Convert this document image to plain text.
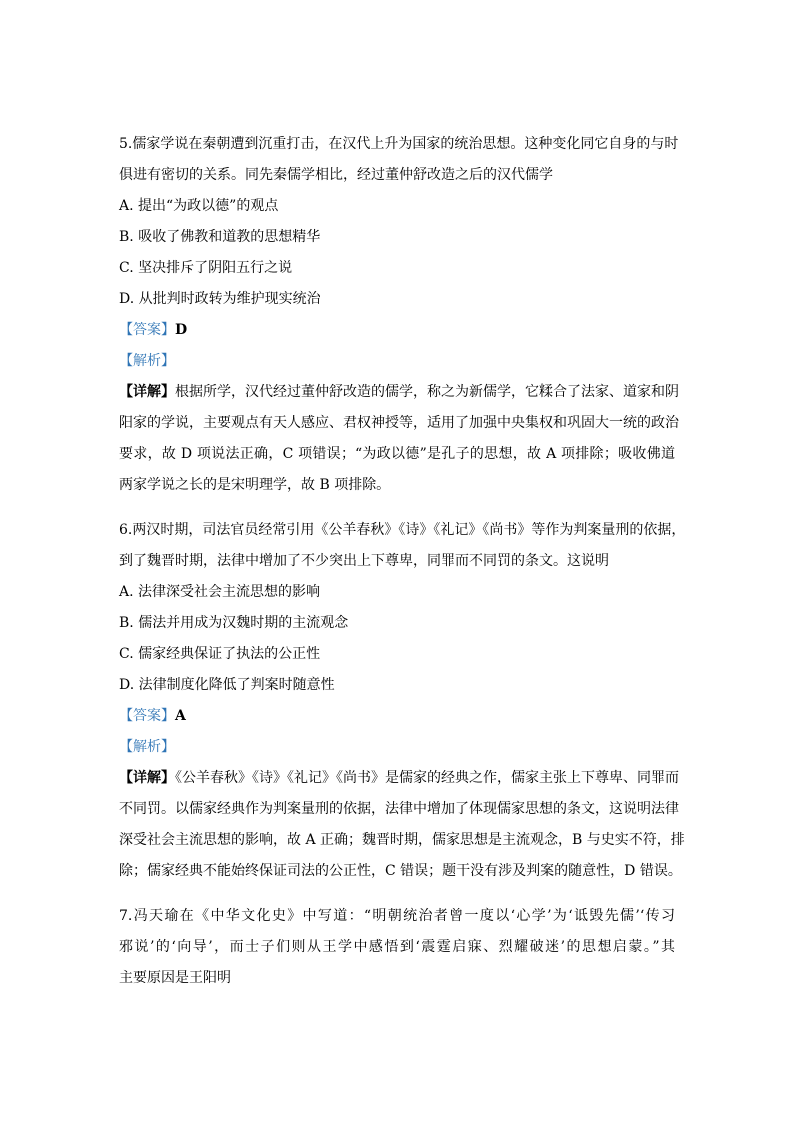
5.儒家学说在秦朝遭到沉重打击，在汉代上升为国家的统治思想。这种变化同它自身的与时
俱进有密切的关系。同先秦儒学相比，经过董仲舒改造之后的汉代儒学
A. 提出“为政以德”的观点
B. 吸收了佛教和道教的思想精华
C. 坚决排斥了阴阳五行之说
D. 从批判时政转为维护现实统治
【答案】D
【解析】
【详解】根据所学，汉代经过董仲舒改造的儒学，称之为新儒学，它糅合了法家、道家和阴
阳家的学说，主要观点有天人感应、君权神授等，适用了加强中央集权和巩固大一统的政治
要求，故 D 项说法正确，C 项错误；“为政以德”是孔子的思想，故 A 项排除；吸收佛道
两家学说之长的是宋明理学，故 B 项排除。
6.两汉时期，司法官员经常引用《公羊春秋》《诗》《礼记》《尚书》等作为判案量刑的依据，
到了魏晋时期，法律中增加了不少突出上下尊卑，同罪而不同罚的条文。这说明
A. 法律深受社会主流思想的影响
B. 儒法并用成为汉魏时期的主流观念
C. 儒家经典保证了执法的公正性
D. 法律制度化降低了判案时随意性
【答案】A
【解析】
【详解】《公羊春秋》《诗》《礼记》《尚书》是儒家的经典之作，儒家主张上下尊卑、同罪而
不同罚。以儒家经典作为判案量刑的依据，法律中增加了体现儒家思想的条文，这说明法律
深受社会主流思想的影响，故 A 正确；魏晋时期，儒家思想是主流观念，B 与史实不符，排
除；儒家经典不能始终保证司法的公正性，C 错误；题干没有涉及判案的随意性，D 错误。
7.冯天瑜在《中华文化史》中写道：“明朝统治者曾一度以‘心学’为‘诋毁先儒’‘传习
邪说’的‘向导’，而士子们则从王学中感悟到‘震霆启寐、烈耀破迷’的思想启蒙。”其
主要原因是王阳明
